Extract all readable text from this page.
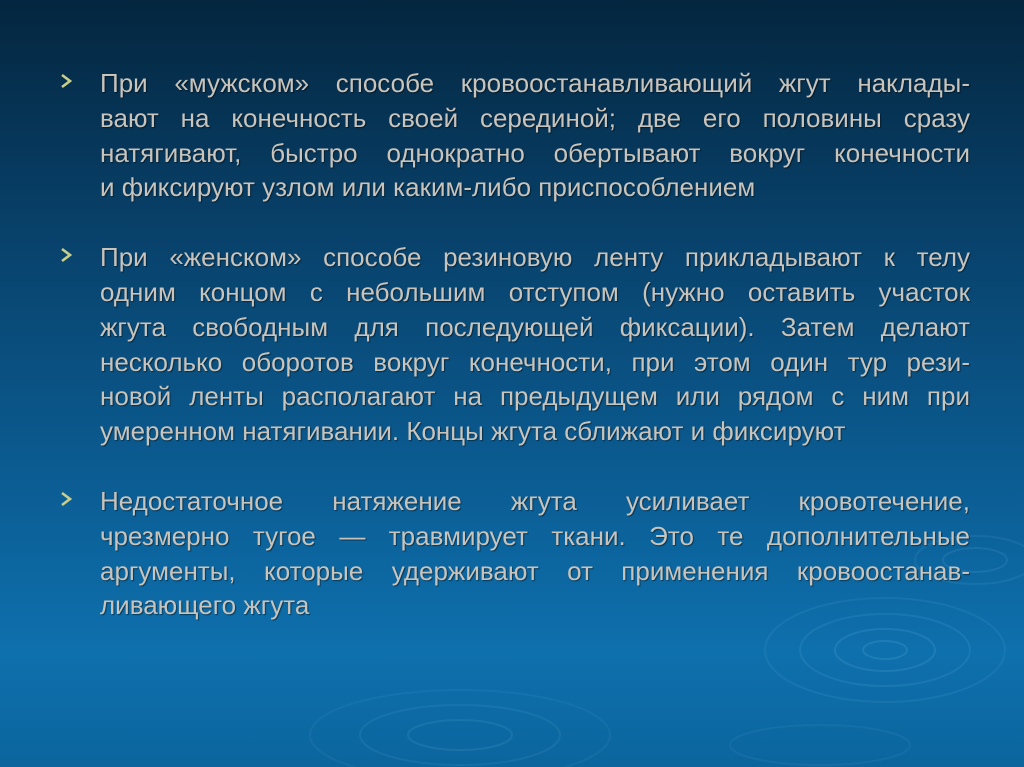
При «мужском» способе кровоостанавливающий жгут наклады-
вают на конечность своей серединой; две его половины сразу
натягивают, быстро однократно обертывают вокруг конечности
и фиксируют узлом или каким-либо приспособлением
При «женском» способе резиновую ленту прикладывают к телу
одним концом с небольшим отступом (нужно оставить участок
жгута свободным для последующей фиксации). Затем делают
несколько оборотов вокруг конечности, при этом один тур рези-
новой ленты располагают на предыдущем или рядом с ним при
умеренном натягивании. Концы жгута сближают и фиксируют
Недостаточное натяжение жгута усиливает кровотечение,
чрезмерно тугое — травмирует ткани. Это те дополнительные
аргументы, которые удерживают от применения кровоостанав-
ливающего жгута
